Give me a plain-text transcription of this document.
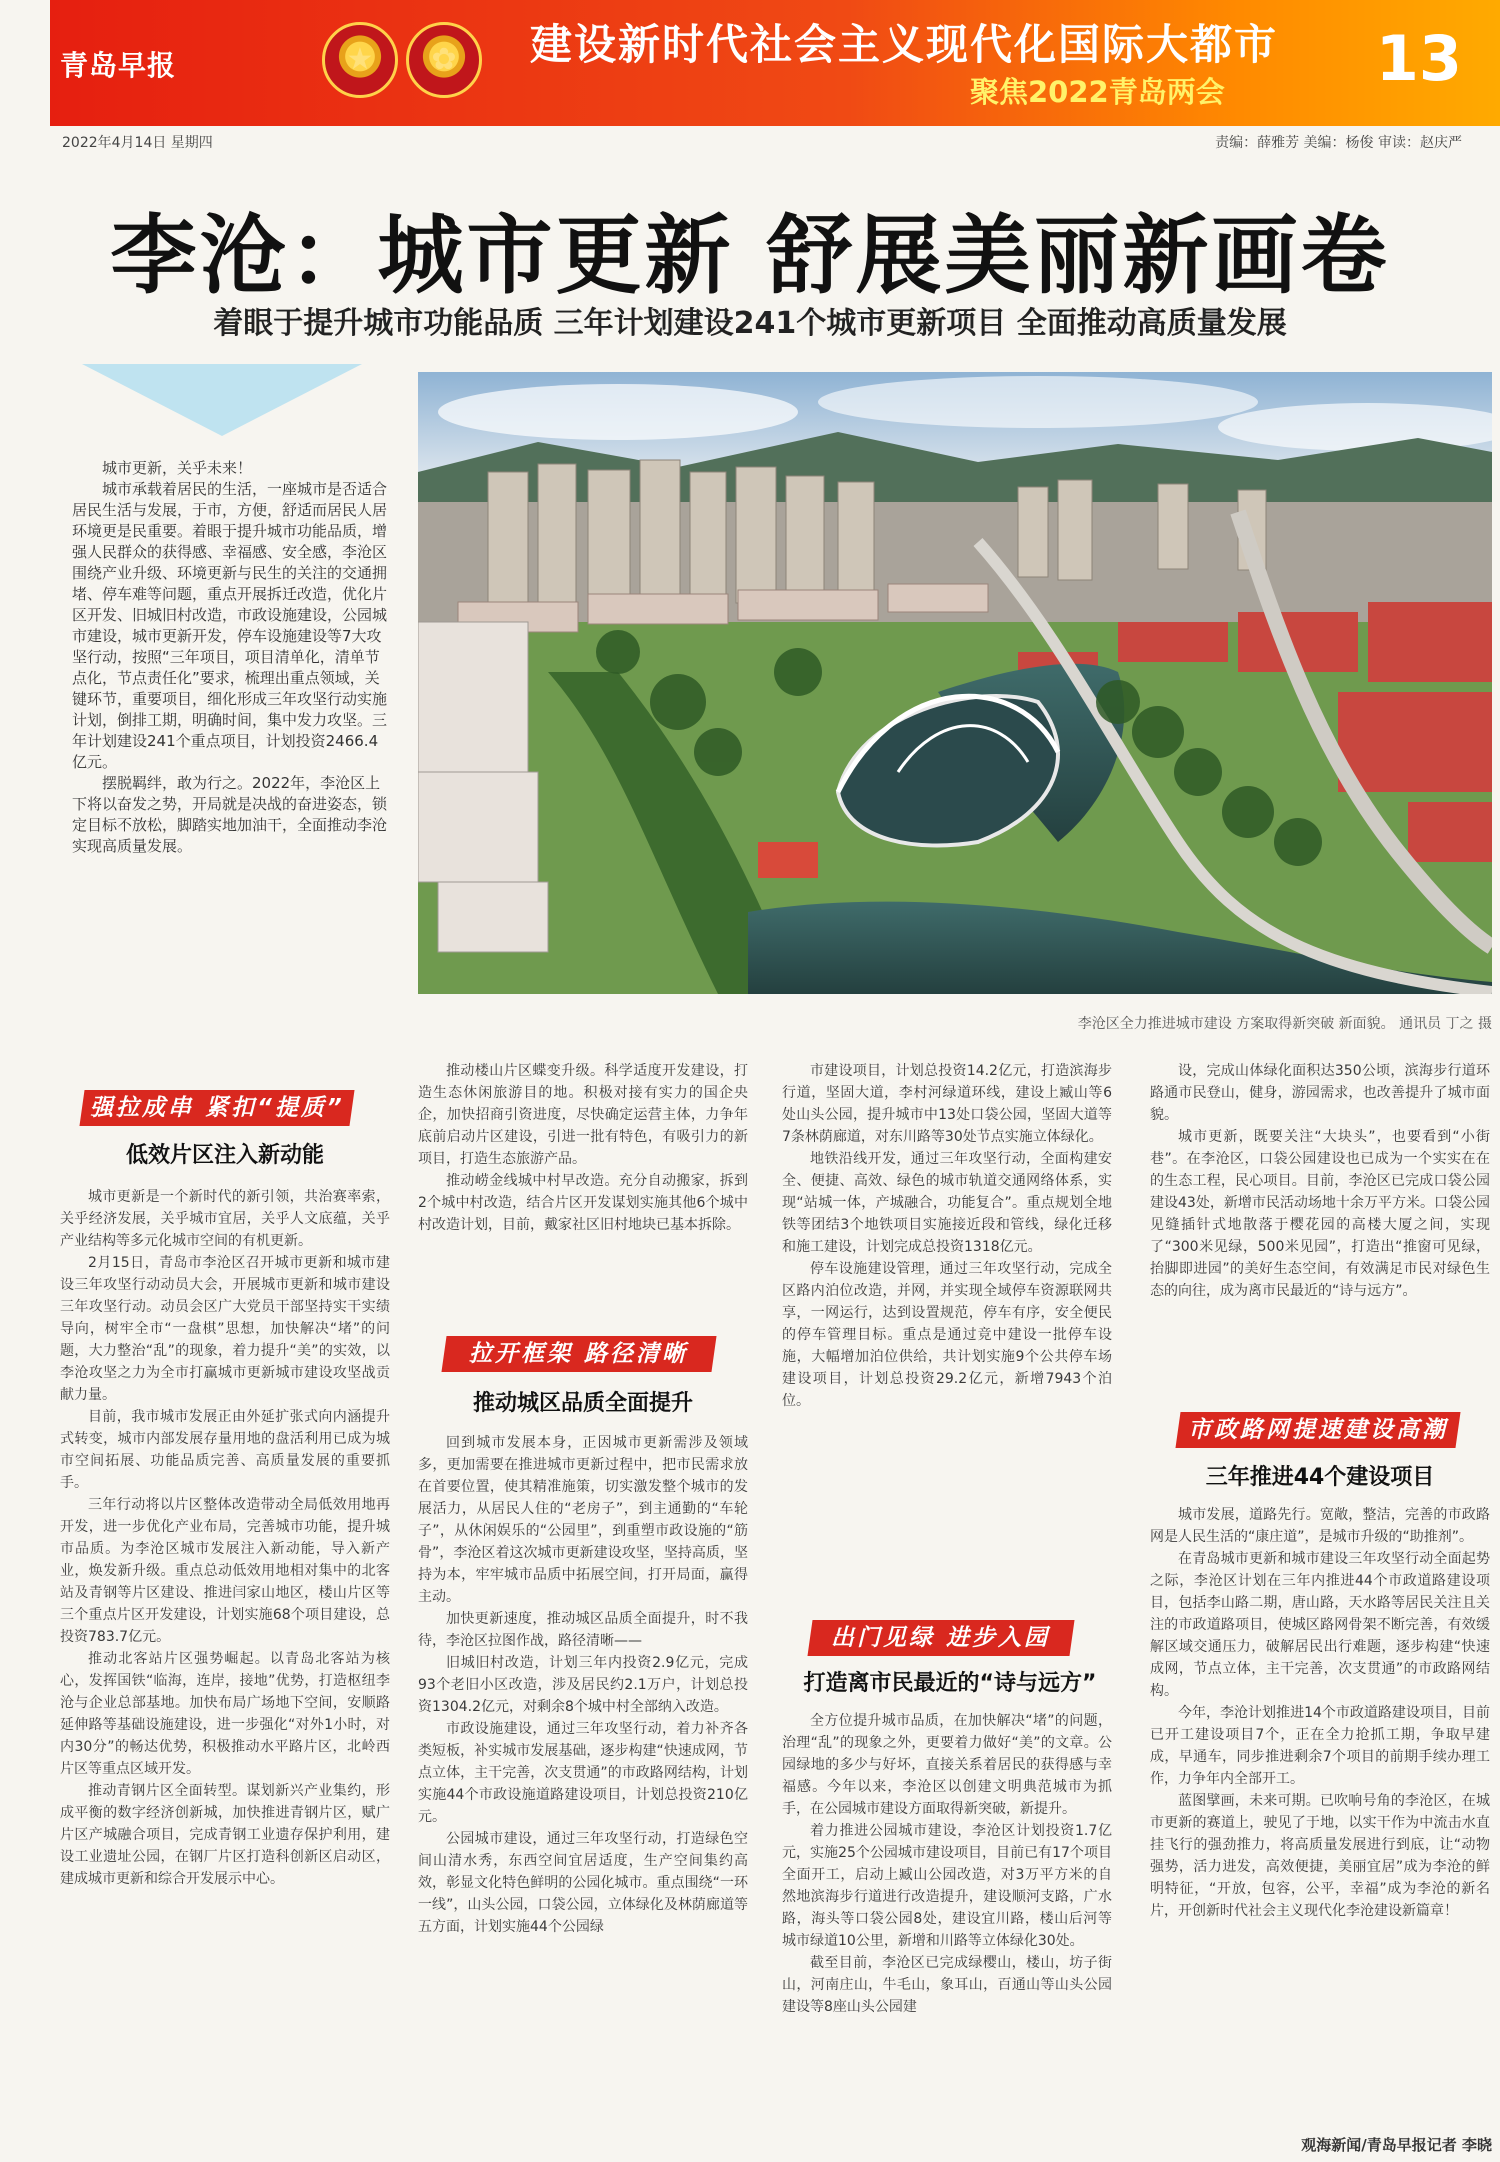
青岛早报	★	✿	建设新时代社会主义现代化国际大都市
聚焦2022青岛两会 13
2022年4月14日 星期四	责编：薛雅芳 美编：杨俊 审读：赵庆严
李沧：城市更新 舒展美丽新画卷
着眼于提升城市功能品质 三年计划建设241个城市更新项目 全面推动高质量发展

城市更新，关乎未来！

城市承载着居民的生活，一座城市是否适合居民生活与发展，于市，方便，舒适而居民人居环境更是民重要。着眼于提升城市功能品质，增强人民群众的获得感、幸福感、安全感，李沧区围绕产业升级、环境更新与民生的关注的交通拥堵、停车难等问题，重点开展拆迁改造，优化片区开发、旧城旧村改造，市政设施建设，公园城市建设，城市更新开发，停车设施建设等7大攻坚行动，按照“三年项目，项目清单化，清单节点化，节点责任化”要求，梳理出重点领域，关键环节，重要项目，细化形成三年攻坚行动实施计划，倒排工期，明确时间，集中发力攻坚。三年计划建设241个重点项目，计划投资2466.4亿元。

摆脱羁绊，敢为行之。2022年，李沧区上下将以奋发之势，开局就是决战的奋进姿态，锁定目标不放松，脚踏实地加油干，全面推动李沧实现高质量发展。

李沧区全力推进城市建设 方案取得新突破 新面貌。 通讯员 丁之 摄
强拉成串 紧扣“提质”
低效片区注入新动能
拉开框架 路径清晰
推动城区品质全面提升
出门见绿 进步入园
打造离市民最近的“诗与远方”
市政路网提速建设高潮
三年推进44个建设项目

城市更新是一个新时代的新引领，共治赛率索，关乎经济发展，关乎城市宜居，关乎人文底蕴，关乎产业结构等多元化城市空间的有机更新。

2月15日，青岛市李沧区召开城市更新和城市建设三年攻坚行动动员大会，开展城市更新和城市建设三年攻坚行动。动员会区广大党员干部坚持实干实绩导向，树牢全市“一盘棋”思想，加快解决“堵”的问题，大力整治“乱”的现象，着力提升“美”的实效，以李沧攻坚之力为全市打赢城市更新城市建设攻坚战贡献力量。

目前，我市城市发展正由外延扩张式向内涵提升式转变，城市内部发展存量用地的盘活利用已成为城市空间拓展、功能品质完善、高质量发展的重要抓手。

三年行动将以片区整体改造带动全局低效用地再开发，进一步优化产业布局，完善城市功能，提升城市品质。为李沧区城市发展注入新动能，导入新产业，焕发新升级。重点总动低效用地相对集中的北客站及青钢等片区建设、推进闫家山地区，楼山片区等三个重点片区开发建设，计划实施68个项目建设，总投资783.7亿元。

推动北客站片区强势崛起。以青岛北客站为核心，发挥国铁“临海，连岸，接地”优势，打造枢纽李沧与企业总部基地。加快布局广场地下空间，安顺路延伸路等基础设施建设，进一步强化“对外1小时，对内30分”的畅达优势，积极推动水平路片区，北岭西片区等重点区域开发。

推动青钢片区全面转型。谋划新兴产业集约，形成平衡的数字经济创新城，加快推进青钢片区，赋广片区产城融合项目，完成青钢工业遗存保护利用，建设工业遗址公园，在钢厂片区打造科创新区启动区，建成城市更新和综合开发展示中心。

推动楼山片区蝶变升级。科学适度开发建设，打造生态休闲旅游目的地。积极对接有实力的国企央企，加快招商引资进度，尽快确定运营主体，力争年底前启动片区建设，引进一批有特色，有吸引力的新项目，打造生态旅游产品。

推动崂金线城中村早改造。充分自动搬家，拆到2个城中村改造，结合片区开发谋划实施其他6个城中村改造计划，目前，戴家社区旧村地块已基本拆除。

回到城市发展本身，正因城市更新需涉及领域多，更加需要在推进城市更新过程中，把市民需求放在首要位置，使其精准施策，切实激发整个城市的发展活力，从居民人住的“老房子”，到主通勤的“车轮子”，从休闲娱乐的“公园里”，到重塑市政设施的“筋骨”，李沧区着这次城市更新建设攻坚，坚持高质，坚持为本，牢牢城市品质中拓展空间，打开局面，赢得主动。

加快更新速度，推动城区品质全面提升，时不我待，李沧区拉图作战，路径清晰——

旧城旧村改造，计划三年内投资2.9亿元，完成93个老旧小区改造，涉及居民约2.1万户，计划总投资1304.2亿元，对剩余8个城中村全部纳入改造。

市政设施建设，通过三年攻坚行动，着力补齐各类短板，补实城市发展基础，逐步构建“快速成网，节点立体，主干完善，次支贯通”的市政路网结构，计划实施44个市政设施道路建设项目，计划总投资210亿元。

公园城市建设，通过三年攻坚行动，打造绿色空间山清水秀，东西空间宜居适度，生产空间集约高效，彰显文化特色鲜明的公园化城市。重点围绕“一环一线”，山头公园，口袋公园，立体绿化及林荫廊道等五方面，计划实施44个公园绿

市建设项目，计划总投资14.2亿元，打造滨海步行道，坚固大道，李村河绿道环线，建设上臧山等6处山头公园，提升城市中13处口袋公园，坚固大道等7条林荫廊道，对东川路等30处节点实施立体绿化。

地铁沿线开发，通过三年攻坚行动，全面构建安全、便捷、高效、绿色的城市轨道交通网络体系，实现“站城一体，产城融合，功能复合”。重点规划全地铁等团结3个地铁项目实施接近段和管线，绿化迁移和施工建设，计划完成总投资1318亿元。

停车设施建设管理，通过三年攻坚行动，完成全区路内泊位改造，并网，并实现全域停车资源联网共享，一网运行，达到设置规范，停车有序，安全便民的停车管理目标。重点是通过竞中建设一批停车设施，大幅增加泊位供给，共计划实施9个公共停车场建设项目，计划总投资29.2亿元，新增7943个泊位。

全方位提升城市品质，在加快解决“堵”的问题，治理“乱”的现象之外，更要着力做好“美”的文章。公园绿地的多少与好坏，直接关系着居民的获得感与幸福感。今年以来，李沧区以创建文明典范城市为抓手，在公园城市建设方面取得新突破，新提升。

着力推进公园城市建设，李沧区计划投资1.7亿元，实施25个公园城市建设项目，目前已有17个项目全面开工，启动上臧山公园改造，对3万平方米的自然地滨海步行道进行改造提升，建设顺河支路，广水路，海头等口袋公园8处，建设宜川路，楼山后河等城市绿道10公里，新增和川路等立体绿化30处。

截至目前，李沧区已完成绿樱山，楼山，坊子街山，河南庄山，牛毛山，象耳山，百通山等山头公园建设等8座山头公园建

设，完成山体绿化面积达350公顷，滨海步行道环路通市民登山，健身，游园需求，也改善提升了城市面貌。

城市更新，既要关注“大块头”，也要看到“小街巷”。在李沧区，口袋公园建设也已成为一个实实在在的生态工程，民心项目。目前，李沧区已完成口袋公园建设43处，新增市民活动场地十余万平方米。口袋公园见缝插针式地散落于樱花园的高楼大厦之间，实现了“300米见绿，500米见园”，打造出“推窗可见绿，抬脚即进园”的美好生态空间，有效满足市民对绿色生态的向往，成为离市民最近的“诗与远方”。

城市发展，道路先行。宽敞，整洁，完善的市政路网是人民生活的“康庄道”，是城市升级的“助推剂”。

在青岛城市更新和城市建设三年攻坚行动全面起势之际，李沧区计划在三年内推进44个市政道路建设项目，包括李山路二期，唐山路，天水路等居民关注且关注的市政道路项目，使城区路网骨架不断完善，有效缓解区域交通压力，破解居民出行难题，逐步构建“快速成网，节点立体，主干完善，次支贯通”的市政路网结构。

今年，李沧计划推进14个市政道路建设项目，目前已开工建设项目7个，正在全力抢抓工期，争取早建成，早通车，同步推进剩余7个项目的前期手续办理工作，力争年内全部开工。

蓝图擘画，未来可期。已吹响号角的李沧区，在城市更新的赛道上，驶见了于地，以实干作为中流击水直挂飞行的强劲推力，将高质量发展进行到底，让“动物强势，活力进发，高效便捷，美丽宜居”成为李沧的鲜明特征，“开放，包容，公平，幸福”成为李沧的新名片，开创新时代社会主义现代化李沧建设新篇章！

观海新闻/青岛早报记者 李晓
